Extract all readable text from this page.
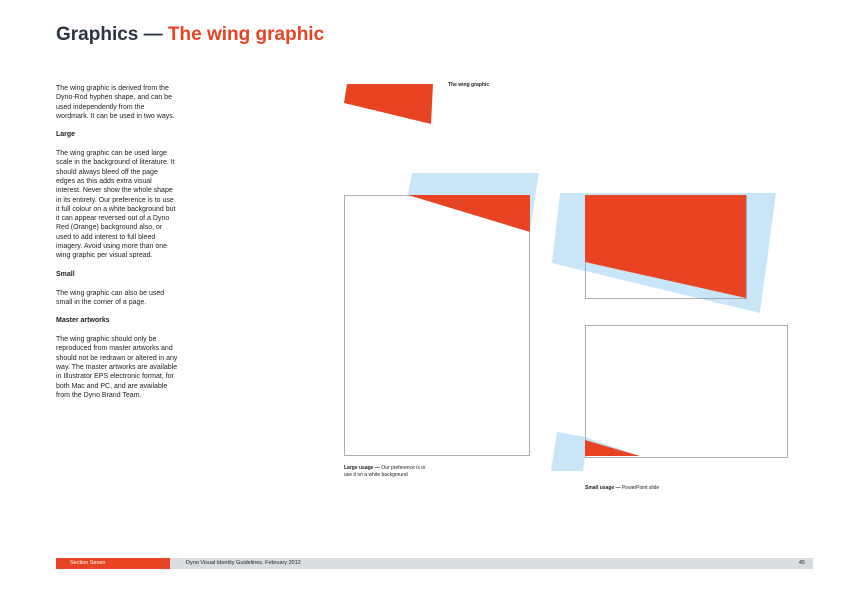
Graphics — The wing graphic

The wing graphic is derived from the Dyno-Rod hyphen shape, and can be used independently from the wordmark. It can be used in two ways.

Large

The wing graphic can be used large scale in the background of literature. It should always bleed off the page edges as this adds extra visual interest. Never show the whole shape in its entirety. Our preference is to use it full colour on a white background but it can appear reversed out of a Dyno Red (Orange) background also, or used to add interest to full bleed imagery. Avoid using more than one wing graphic per visual spread.

Small

The wing graphic can also be used small in the corner of a page.

Master artworks

The wing graphic should only be reproduced from master artworks and should not be redrawn or altered in any way. The master artworks are available in Illustrator EPS electronic format, for both Mac and PC, and are available from the Dyno Brand Team.

The wing graphic
Large usage — Our preference is to use it on a white background
Small usage — PowerPoint slide
Section Seven	Dyno Visual Identity Guidelines. February 2012	45
